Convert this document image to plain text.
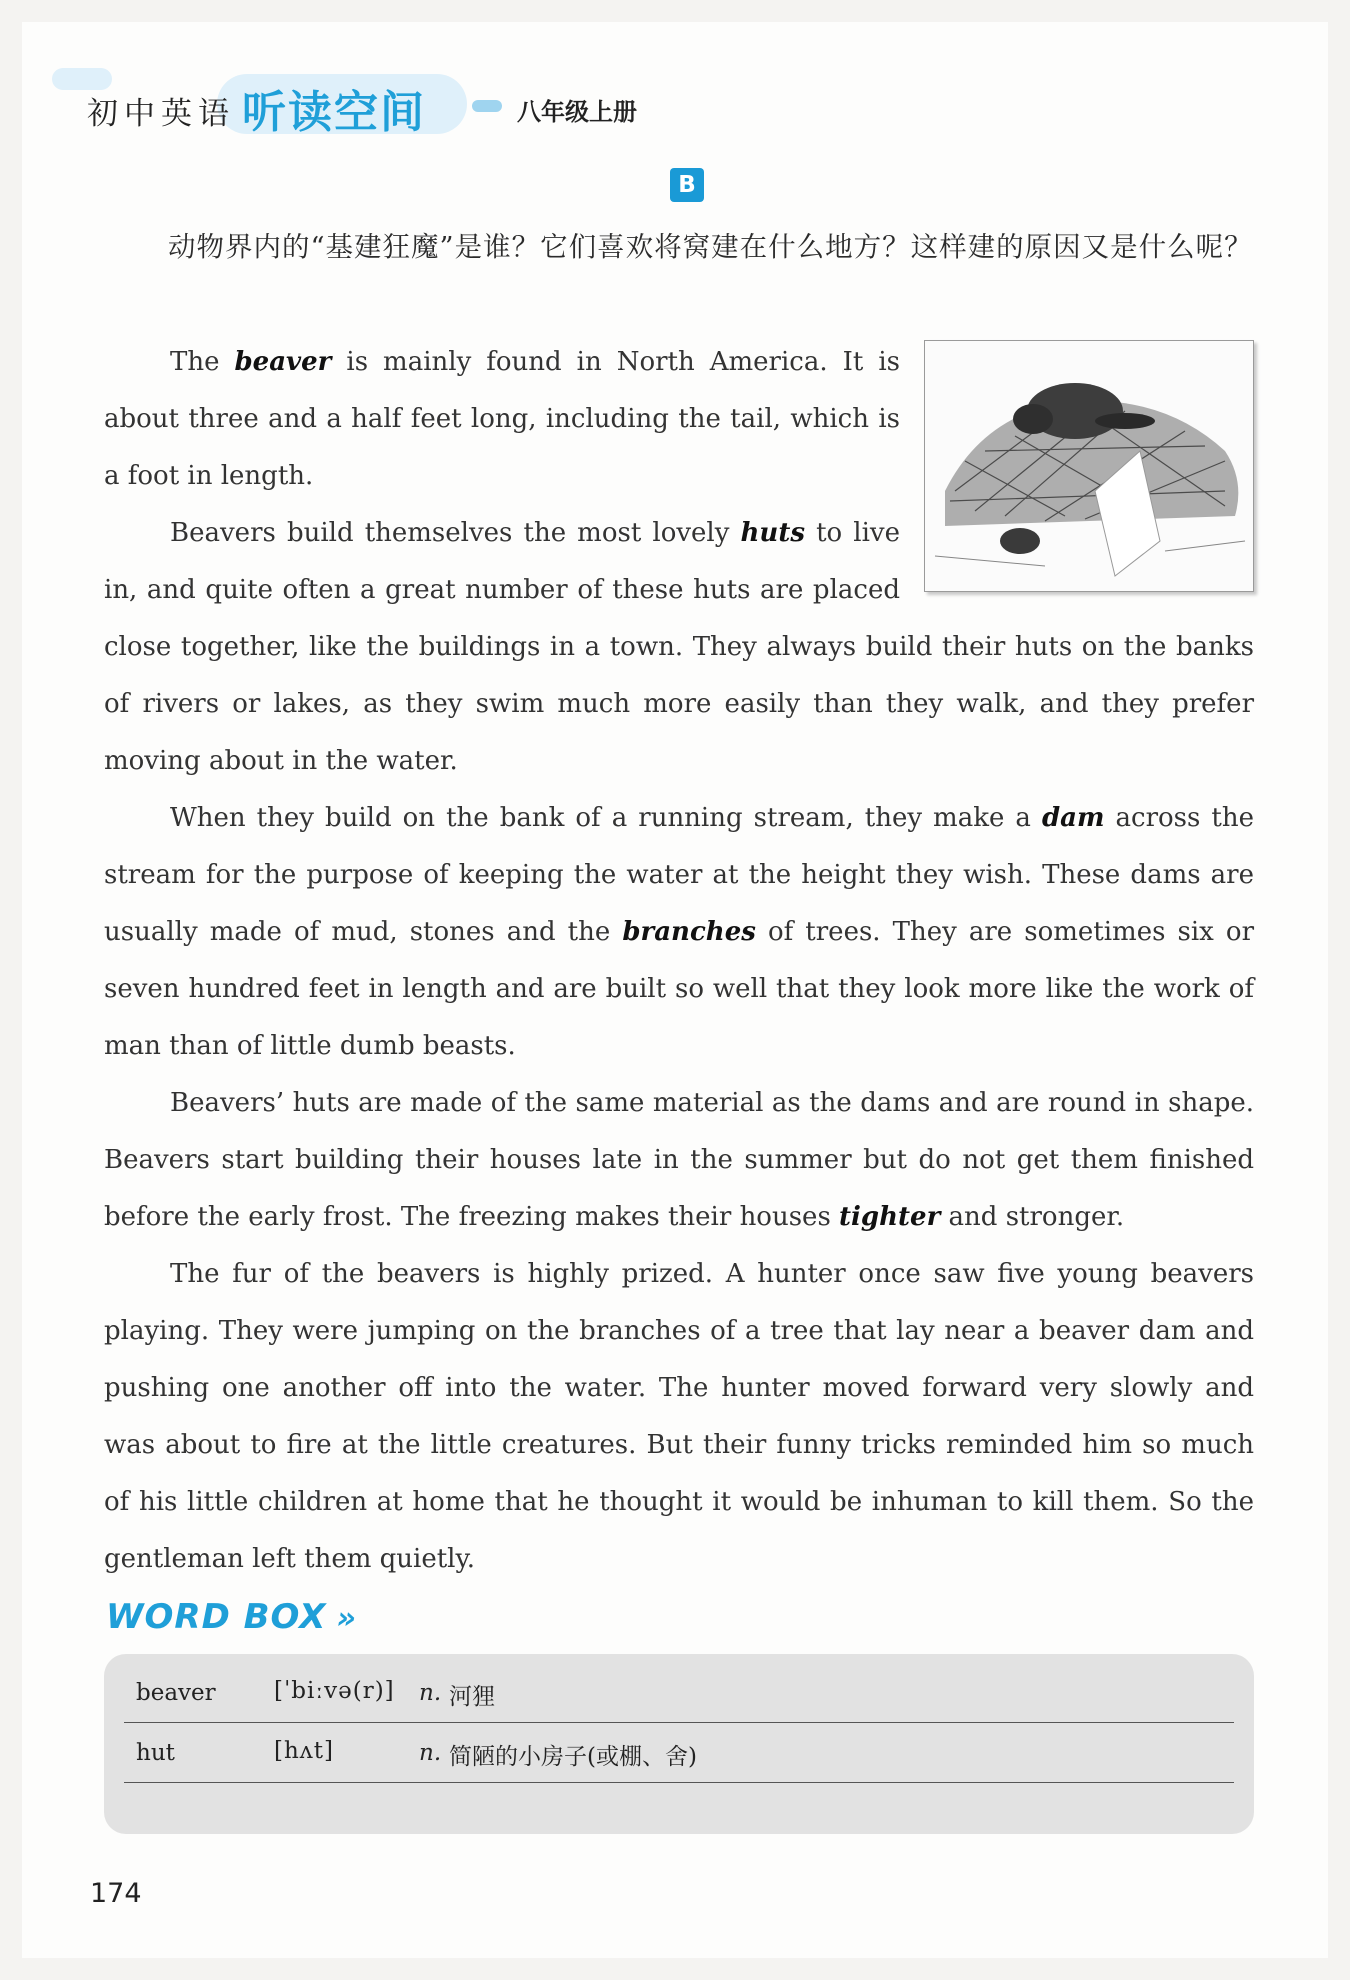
初中英语 听读空间	八年级上册
B
动物界内的“基建狂魔”是谁？它们喜欢将窝建在什么地方？这样建的原因又是什么呢？

The beaver is mainly found in North America. It is about three and a half feet long, including the tail, which is a foot in length.

Beavers build themselves the most lovely huts to live in, and quite often a great number of these huts are placed close together, like the buildings in a town. They always build their huts on the banks of rivers or lakes, as they swim much more easily than they walk, and they prefer moving about in the water.

When they build on the bank of a running stream, they make a dam across the stream for the purpose of keeping the water at the height they wish. These dams are usually made of mud, stones and the branches of trees. They are sometimes six or seven hundred feet in length and are built so well that they look more like the work of man than of little dumb beasts.

Beavers’ huts are made of the same material as the dams and are round in shape. Beavers start building their houses late in the summer but do not get them finished before the early frost. The freezing makes their houses tighter and stronger.

The fur of the beavers is highly prized. A hunter once saw five young beavers playing. They were jumping on the branches of a tree that lay near a beaver dam and pushing one another off into the water. The hunter moved forward very slowly and was about to fire at the little creatures. But their funny tricks reminded him so much of his little children at home that he thought it would be inhuman to kill them. So the gentleman left them quietly.

WORD BOX »
beaver	[ˈbiːvə(r)] n. 河狸
hut	[hʌt]	n. 简陋的小房子(或棚、舍)
174
